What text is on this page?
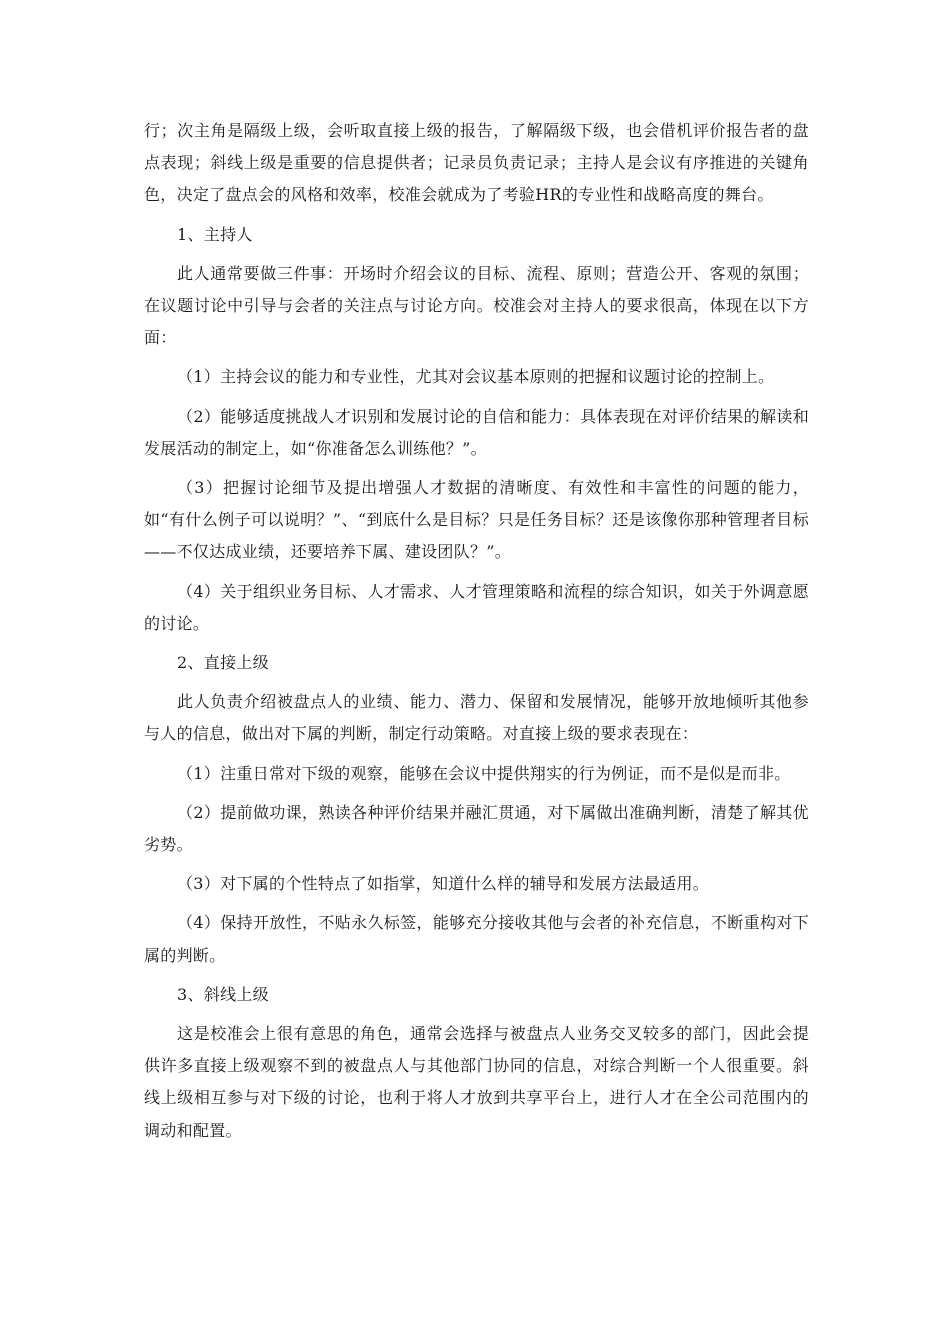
行；次主角是隔级上级，会听取直接上级的报告，了解隔级下级，也会借机评价报告者的盘点表现；斜线上级是重要的信息提供者；记录员负责记录；主持人是会议有序推进的关键角色，决定了盘点会的风格和效率，校准会就成为了考验HR的专业性和战略高度的舞台。

1、主持人

此人通常要做三件事：开场时介绍会议的目标、流程、原则；营造公开、客观的氛围；在议题讨论中引导与会者的关注点与讨论方向。校准会对主持人的要求很高，体现在以下方面：

（1）主持会议的能力和专业性，尤其对会议基本原则的把握和议题讨论的控制上。

（2）能够适度挑战人才识别和发展讨论的自信和能力：具体表现在对评价结果的解读和发展活动的制定上，如“你准备怎么训练他？”。

（3）把握讨论细节及提出增强人才数据的清晰度、有效性和丰富性的问题的能力，如“有什么例子可以说明？”、“到底什么是目标？只是任务目标？还是该像你那种管理者目标——不仅达成业绩，还要培养下属、建设团队？”。

（4）关于组织业务目标、人才需求、人才管理策略和流程的综合知识，如关于外调意愿的讨论。

2、直接上级

此人负责介绍被盘点人的业绩、能力、潜力、保留和发展情况，能够开放地倾听其他参与人的信息，做出对下属的判断，制定行动策略。对直接上级的要求表现在：

（1）注重日常对下级的观察，能够在会议中提供翔实的行为例证，而不是似是而非。

（2）提前做功课，熟读各种评价结果并融汇贯通，对下属做出准确判断，清楚了解其优劣势。

（3）对下属的个性特点了如指掌，知道什么样的辅导和发展方法最适用。

（4）保持开放性，不贴永久标签，能够充分接收其他与会者的补充信息，不断重构对下属的判断。

3、斜线上级

这是校准会上很有意思的角色，通常会选择与被盘点人业务交叉较多的部门，因此会提供许多直接上级观察不到的被盘点人与其他部门协同的信息，对综合判断一个人很重要。斜线上级相互参与对下级的讨论，也利于将人才放到共享平台上，进行人才在全公司范围内的调动和配置。
